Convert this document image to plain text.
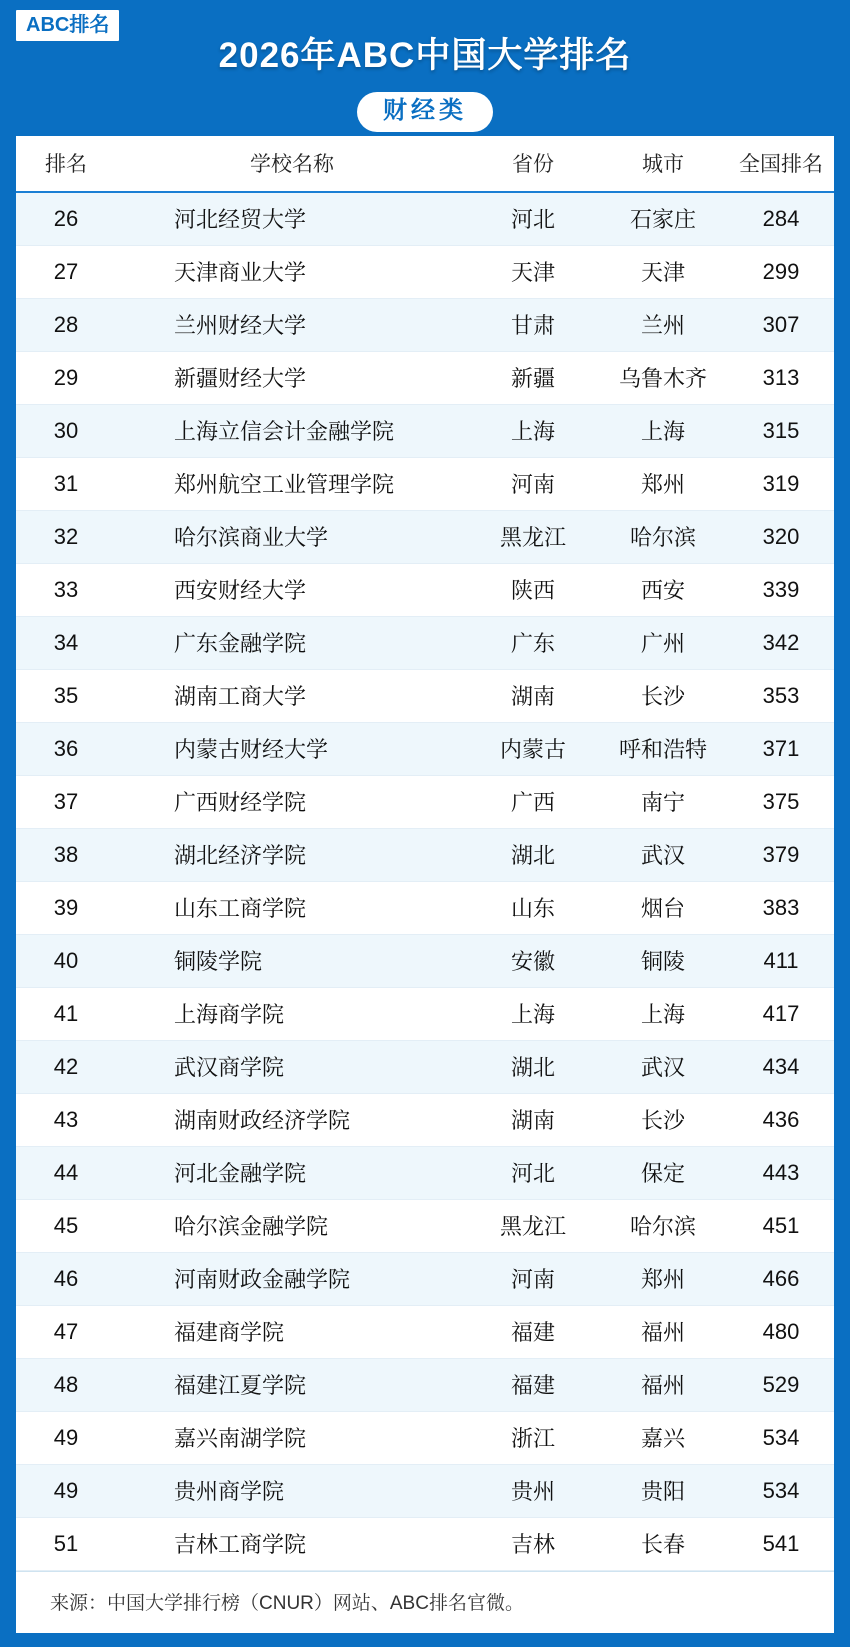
ABC排名
2026年ABC中国大学排名
财经类
排名	学校名称	省份	城市	全国排名
26	河北经贸大学	河北	石家庄	284
27	天津商业大学	天津	天津	299
28	兰州财经大学	甘肃	兰州	307
29	新疆财经大学	新疆	乌鲁木齐	313
30	上海立信会计金融学院	上海	上海	315
31	郑州航空工业管理学院	河南	郑州	319
32	哈尔滨商业大学	黑龙江	哈尔滨	320
33	西安财经大学	陕西	西安	339
34	广东金融学院	广东	广州	342
35	湖南工商大学	湖南	长沙	353
36	内蒙古财经大学	内蒙古	呼和浩特	371
37	广西财经学院	广西	南宁	375
38	湖北经济学院	湖北	武汉	379
39	山东工商学院	山东	烟台	383
40	铜陵学院	安徽	铜陵	411
41	上海商学院	上海	上海	417
42	武汉商学院	湖北	武汉	434
43	湖南财政经济学院	湖南	长沙	436
44	河北金融学院	河北	保定	443
45	哈尔滨金融学院	黑龙江	哈尔滨	451
46	河南财政金融学院	河南	郑州	466
47	福建商学院	福建	福州	480
48	福建江夏学院	福建	福州	529
49	嘉兴南湖学院	浙江	嘉兴	534
49	贵州商学院	贵州	贵阳	534
51	吉林工商学院	吉林	长春	541
来源：中国大学排行榜（CNUR）网站、ABC排名官微。
